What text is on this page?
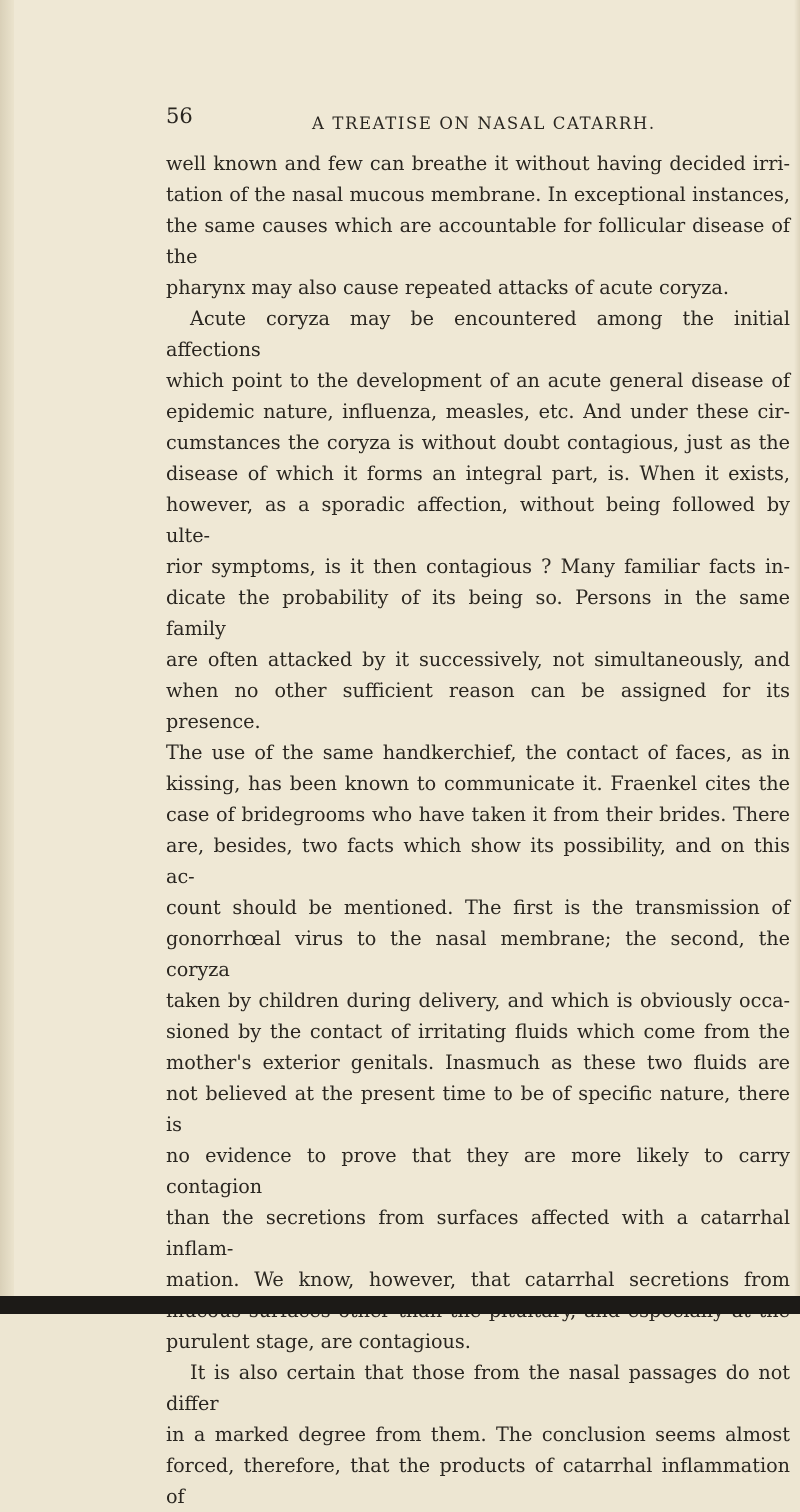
56	A TREATISE ON NASAL CATARRH.

well known and few can breathe it without having decided irri-

tation of the nasal mucous membrane. In exceptional instances,

the same causes which are accountable for follicular disease of the

pharynx may also cause repeated attacks of acute coryza.

Acute coryza may be encountered among the initial affections

which point to the development of an acute general disease of

epidemic nature, influenza, measles, etc. And under these cir-

cumstances the coryza is without doubt contagious, just as the

disease of which it forms an integral part, is. When it exists,

however, as a sporadic affection, without being followed by ulte-

rior symptoms, is it then contagious ? Many familiar facts in-

dicate the probability of its being so. Persons in the same family

are often attacked by it successively, not simultaneously, and

when no other sufficient reason can be assigned for its presence.

The use of the same handkerchief, the contact of faces, as in

kissing, has been known to communicate it. Fraenkel cites the

case of bridegrooms who have taken it from their brides. There

are, besides, two facts which show its possibility, and on this ac-

count should be mentioned. The first is the transmission of

gonorrhœal virus to the nasal membrane; the second, the coryza

taken by children during delivery, and which is obviously occa-

sioned by the contact of irritating fluids which come from the

mother's exterior genitals. Inasmuch as these two fluids are

not believed at the present time to be of specific nature, there is

no evidence to prove that they are more likely to carry contagion

than the secretions from surfaces affected with a catarrhal inflam-

mation. We know, however, that catarrhal secretions from

purulent stage, are contagious.

It is also certain that those from the nasal passages do not differ

in a marked degree from them. The conclusion seems almost

forced, therefore, that the products of catarrhal inflammation of
